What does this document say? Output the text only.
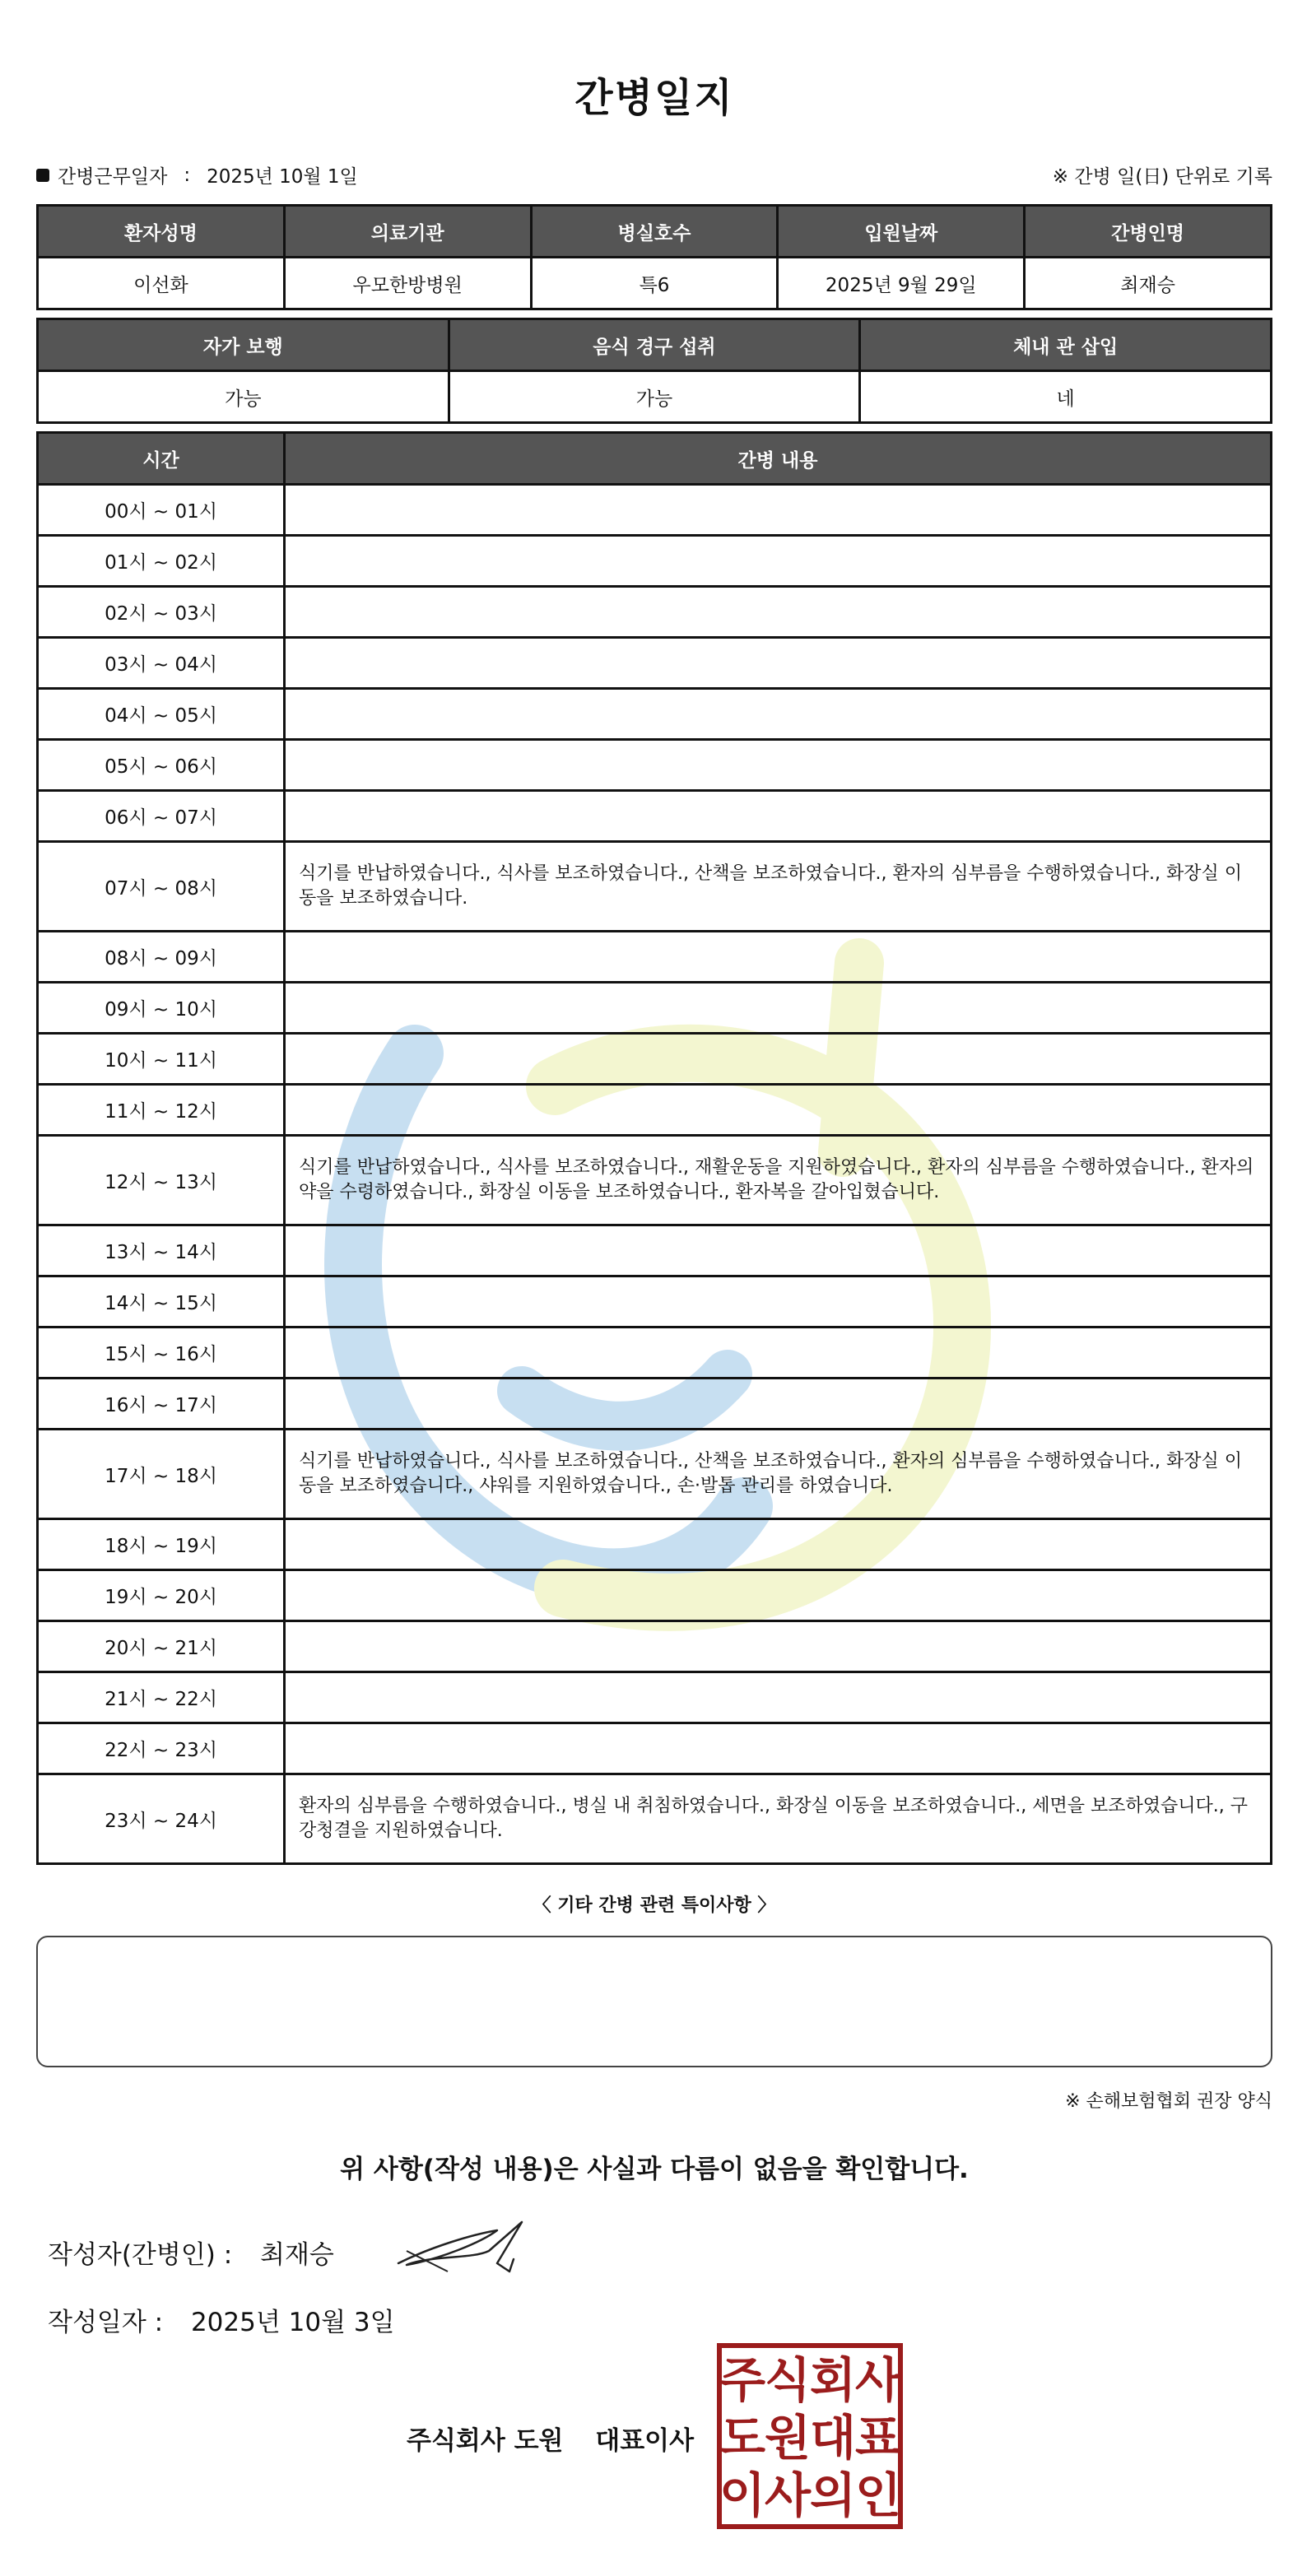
간병일지
간병근무일자 : 2025년 10월 1일	※ 간병 일(日) 단위로 기록
환자성명	의료기관	병실호수	입원날짜	간병인명
이선화	우모한방병원	특6	2025년 9월 29일	최재승
자가 보행	음식 경구 섭취	체내 관 삽입
가능	가능	네
시간	간병 내용
00시 ~ 01시	
01시 ~ 02시	
02시 ~ 03시	
03시 ~ 04시	
04시 ~ 05시	
05시 ~ 06시	
06시 ~ 07시	
07시 ~ 08시	식기를 반납하였습니다., 식사를 보조하였습니다., 산책을 보조하였습니다., 환자의 심부름을 수행하였습니다., 화장실 이동을 보조하였습니다.
08시 ~ 09시	
09시 ~ 10시	
10시 ~ 11시	
11시 ~ 12시	
12시 ~ 13시	식기를 반납하였습니다., 식사를 보조하였습니다., 재활운동을 지원하였습니다., 환자의 심부름을 수행하였습니다., 환자의 약을 수령하였습니다., 화장실 이동을 보조하였습니다., 환자복을 갈아입혔습니다.
13시 ~ 14시	
14시 ~ 15시	
15시 ~ 16시	
16시 ~ 17시	
17시 ~ 18시	식기를 반납하였습니다., 식사를 보조하였습니다., 산책을 보조하였습니다., 환자의 심부름을 수행하였습니다., 화장실 이동을 보조하였습니다., 샤워를 지원하였습니다., 손·발톱 관리를 하였습니다.
18시 ~ 19시	
19시 ~ 20시	
20시 ~ 21시	
21시 ~ 22시	
22시 ~ 23시	
23시 ~ 24시	환자의 심부름을 수행하였습니다., 병실 내 취침하였습니다., 화장실 이동을 보조하였습니다., 세면을 보조하였습니다., 구강청결을 지원하였습니다.
〈 기타 간병 관련 특이사항 〉
※ 손해보험협회 권장 양식
위 사항(작성 내용)은 사실과 다름이 없음을 확인합니다.
작성자(간병인) : 최재승
작성일자 : 2025년 10월 3일
주식회사 도원 대표이사
주
식
회
사
도
원
대
표
이
사
의
인
